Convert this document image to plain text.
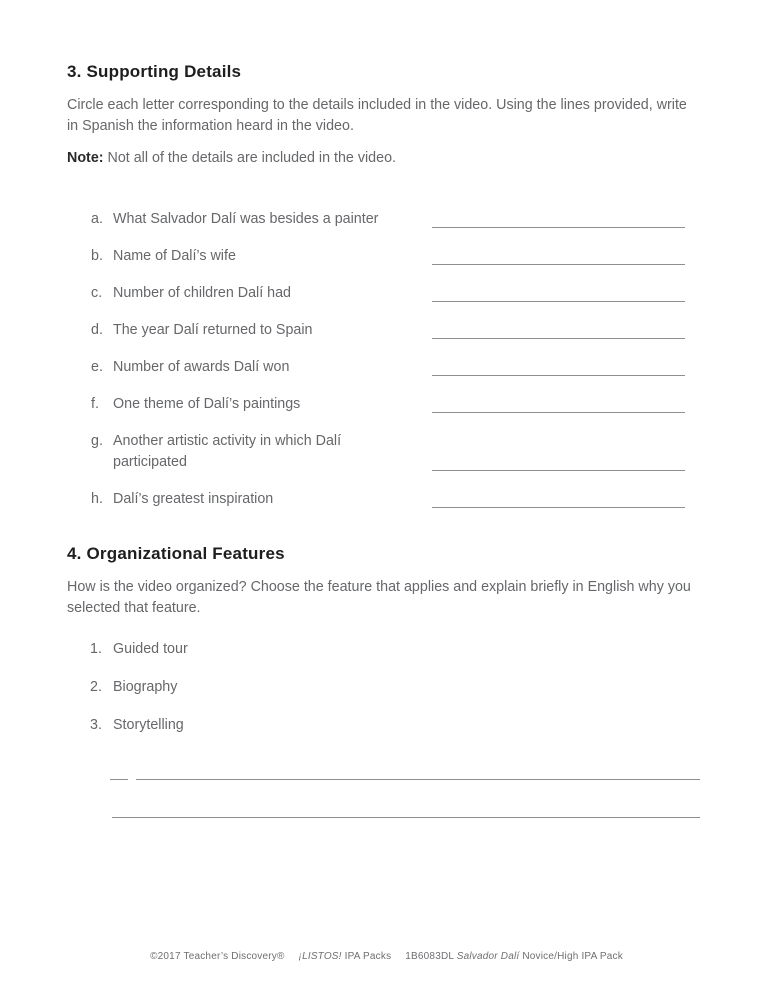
3. Supporting Details

Circle each letter corresponding to the details included in the video. Using the lines provided, write in Spanish the information heard in the video.

Note: Not all of the details are included in the video.

a. What Salvador Dalí was besides a painter
b. Name of Dalí’s wife
c. Number of children Dalí had
d. The year Dalí returned to Spain
e. Number of awards Dalí won
f. One theme of Dalí’s paintings
g. Another artistic activity in which Dalí participated
h. Dalí’s greatest inspiration
4. Organizational Features

How is the video organized? Choose the feature that applies and explain briefly in English why you selected that feature.

1. Guided tour
2. Biography
3. Storytelling
©2017 Teacher’s Discovery® ¡LISTOS! IPA Packs 1B6083DL Salvador Dalí Novice/High IPA Pack
